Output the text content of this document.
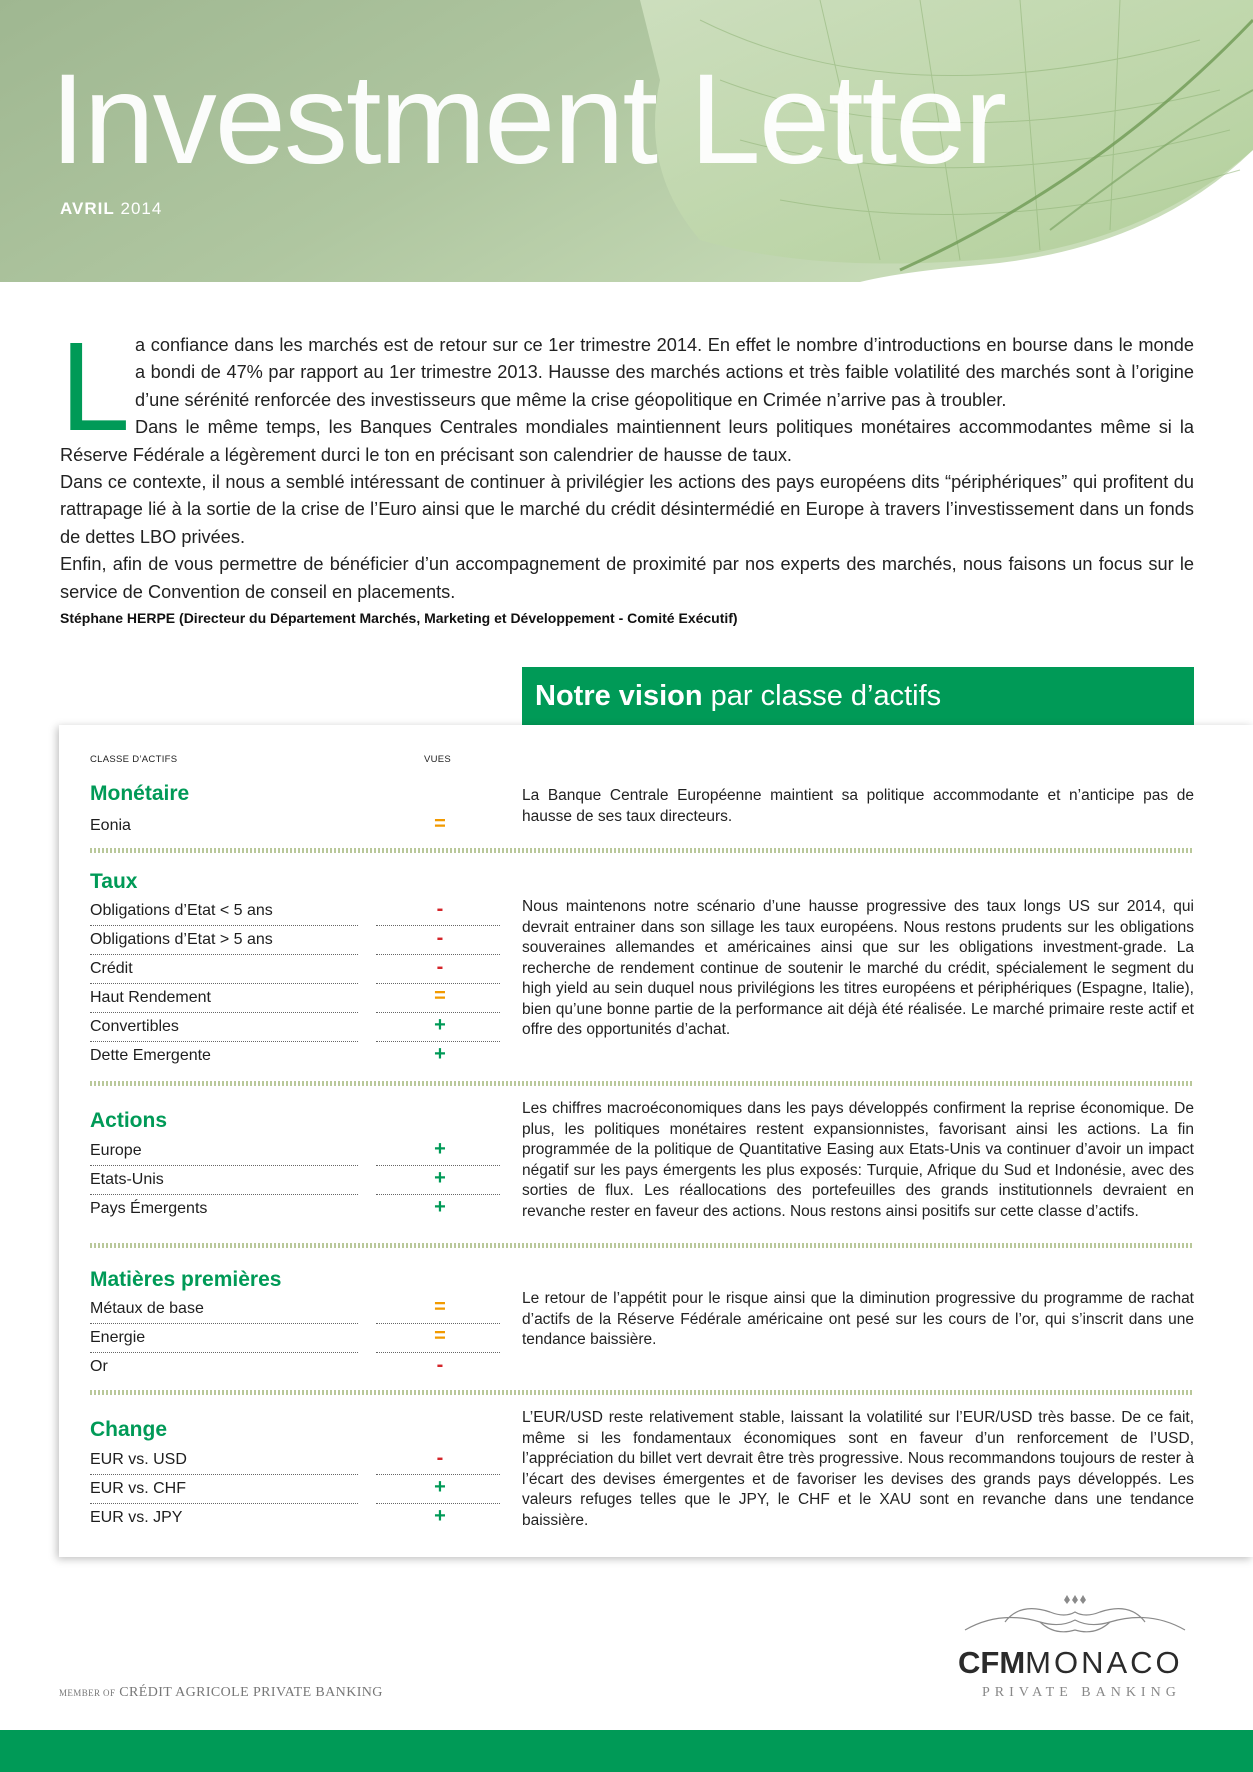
Investment Letter
AVRIL 2014
L a confiance dans les marchés est de retour sur ce 1er trimestre 2014. En effet le nombre d’introductions en bourse dans le monde a bondi de 47% par rapport au 1er trimestre 2013. Hausse des marchés actions et très faible volatilité des marchés sont à l’origine d’une sérénité renforcée des investisseurs que même la crise géopolitique en Crimée n’arrive pas à troubler.

Dans le même temps, les Banques Centrales mondiales maintiennent leurs politiques monétaires accommodantes même si la Réserve Fédérale a légèrement durci le ton en précisant son calendrier de hausse de taux.

Dans ce contexte, il nous a semblé intéressant de continuer à privilégier les actions des pays européens dits “périphériques” qui profitent du rattrapage lié à la sortie de la crise de l’Euro ainsi que le marché du crédit désintermédié en Europe à travers l’investissement dans un fonds de dettes LBO privées.

Enfin, afin de vous permettre de bénéficier d’un accompagnement de proximité par nos experts des marchés, nous faisons un focus sur le service de Convention de conseil en placements.

Stéphane HERPE (Directeur du Département Marchés, Marketing et Développement - Comité Exécutif)
Notre vision par classe d’actifs
CLASSE D’ACTIFS	VUES
Monétaire
Eonia	=

La Banque Centrale Européenne maintient sa politique accommodante et n’anticipe pas de hausse de ses taux directeurs.

Taux
Obligations d’Etat < 5 ans	-
Obligations d’Etat > 5 ans	-
Crédit	-
Haut Rendement	=
Convertibles	+
Dette Emergente	+

Nous maintenons notre scénario d’une hausse progressive des taux longs US sur 2014, qui devrait entrainer dans son sillage les taux européens. Nous restons prudents sur les obligations souveraines allemandes et américaines ainsi que sur les obligations investment-grade. La recherche de rendement continue de soutenir le marché du crédit, spécialement le segment du high yield au sein duquel nous privilégions les titres européens et périphériques (Espagne, Italie), bien qu’une bonne partie de la performance ait déjà été réalisée. Le marché primaire reste actif et offre des opportunités d’achat.

Actions
Europe	+
Etats-Unis	+
Pays Émergents	+

Les chiffres macroéconomiques dans les pays développés confirment la reprise économique. De plus, les politiques monétaires restent expansionnistes, favorisant ainsi les actions. La fin programmée de la politique de Quantitative Easing aux Etats-Unis va continuer d’avoir un impact négatif sur les pays émergents les plus exposés: Turquie, Afrique du Sud et Indonésie, avec des sorties de flux. Les réallocations des portefeuilles des grands institutionnels devraient en revanche rester en faveur des actions. Nous restons ainsi positifs sur cette classe d’actifs.

Matières premières
Métaux de base	=
Energie	=
Or	-

Le retour de l’appétit pour le risque ainsi que la diminution progressive du programme de rachat d’actifs de la Réserve Fédérale américaine ont pesé sur les cours de l’or, qui s’inscrit dans une tendance baissière.

Change
EUR vs. USD	-
EUR vs. CHF	+
EUR vs. JPY	+

L’EUR/USD reste relativement stable, laissant la volatilité sur l’EUR/USD très basse. De ce fait, même si les fondamentaux économiques sont en faveur d’un renforcement de l’USD, l’appréciation du billet vert devrait être très progressive. Nous recommandons toujours de rester à l’écart des devises émergentes et de favoriser les devises des grands pays développés. Les valeurs refuges telles que le JPY, le CHF et le XAU sont en revanche dans une tendance baissière.

MEMBER OF CRÉDIT AGRICOLE PRIVATE BANKING
CFMMONACO
PRIVATE BANKING
